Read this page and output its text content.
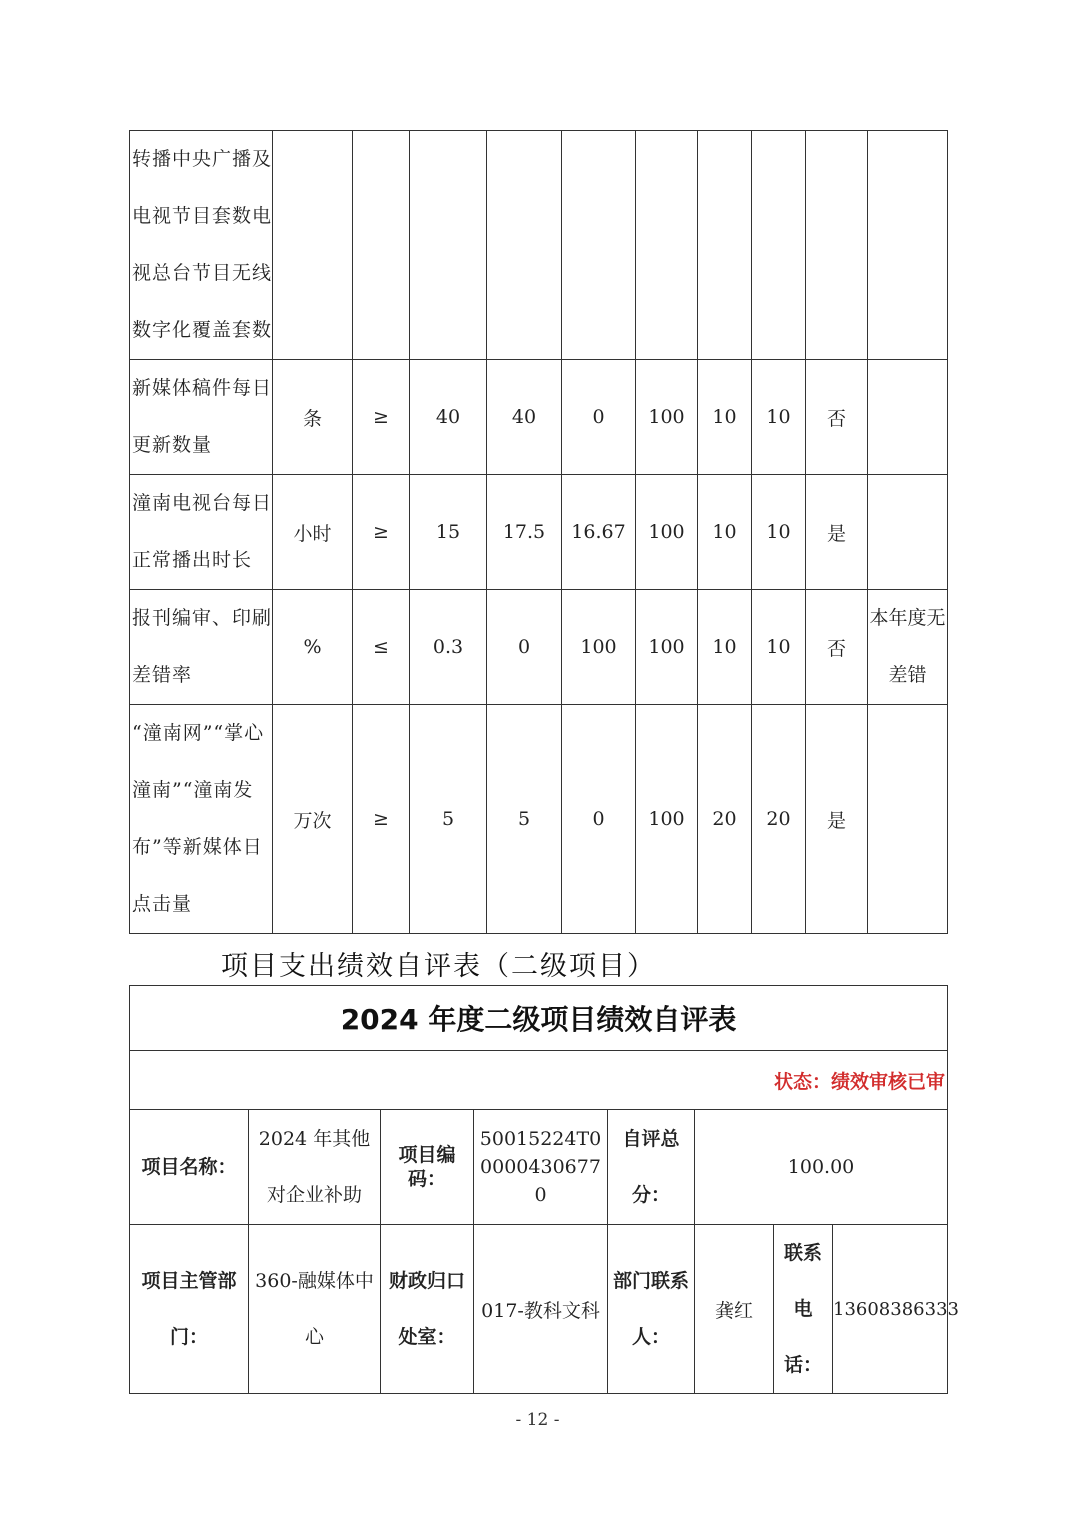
转播中央广播及电视节目套数电视总台节目无线数字化覆盖套数										
新媒体稿件每日更新数量	条	≥	40	40	0	100	10	10	否	
潼南电视台每日正常播出时长	小时	≥	15	17.5	16.67	100	10	10	是	
报刊编审、印刷差错率	%	≤	0.3	0	100	100	10	10	否	本年度无差错
“潼南网”“掌心潼南”“潼南发布”等新媒体日点击量	万次	≥	5	5	0	100	20	20	是	
项目支出绩效自评表（二级项目）
2024 年度二级项目绩效自评表							
状态：绩效审核已审							
项目名称：	2024 年其他对企业补助	项目编码：	50015224T000004306770	自评总分：	100.00		
项目主管部门：	360-融媒体中心	财政归口处室：	017-教科文科	部门联系人：	龚红	联系电话：	13608386333
- 12 -
